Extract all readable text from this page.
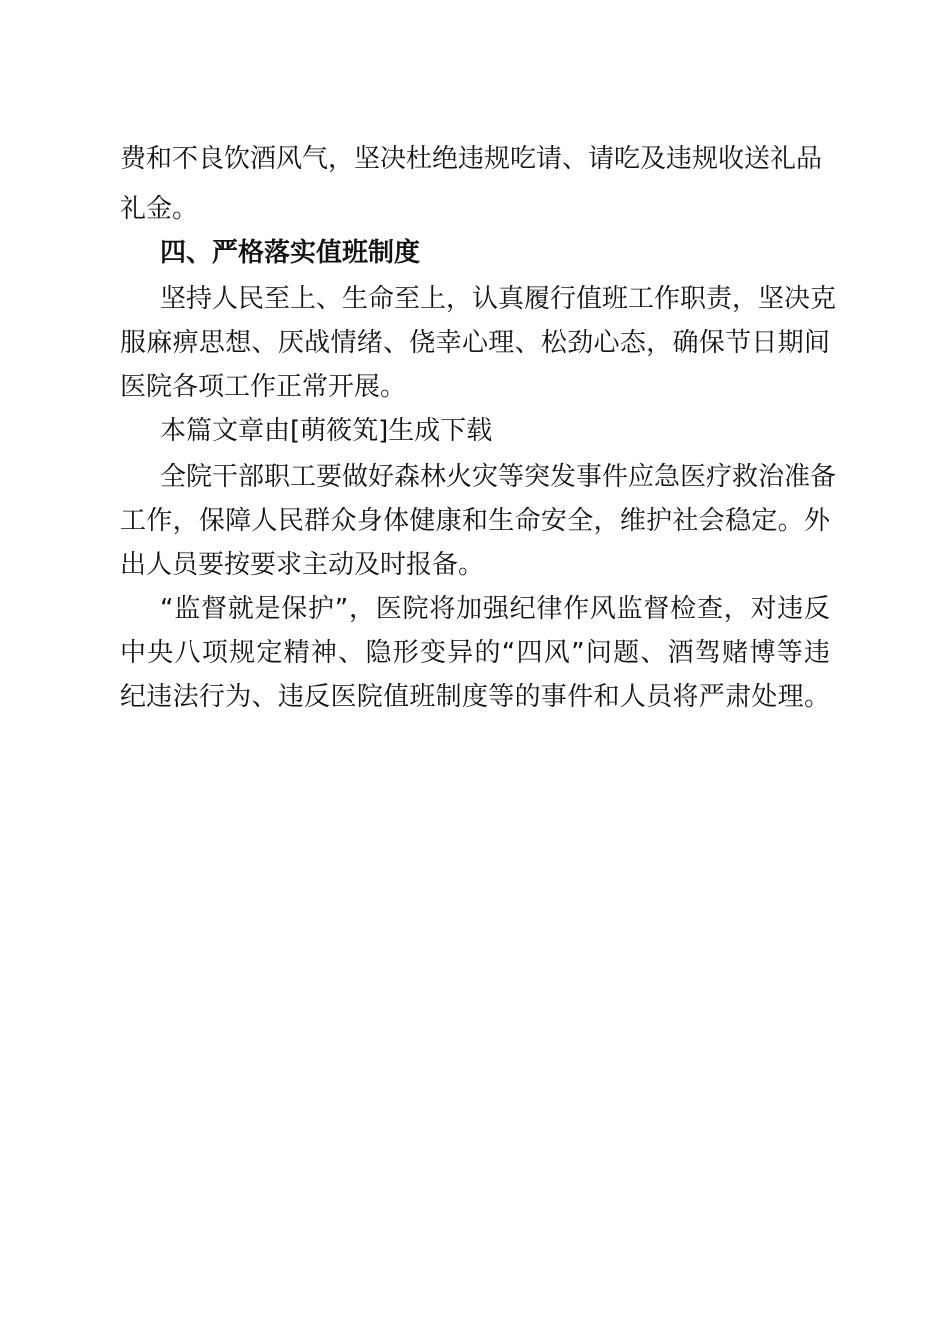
费和不良饮酒风气，坚决杜绝违规吃请、请吃及违规收送礼品
礼金。
四、严格落实值班制度
坚持人民至上、生命至上，认真履行值班工作职责，坚决克
服麻痹思想、厌战情绪、侥幸心理、松劲心态，确保节日期间
医院各项工作正常开展。
本篇文章由[萌筱笂]生成下载
全院干部职工要做好森林火灾等突发事件应急医疗救治准备
工作，保障人民群众身体健康和生命安全，维护社会稳定。外
出人员要按要求主动及时报备。
“监督就是保护”，医院将加强纪律作风监督检查，对违反
中央八项规定精神、隐形变异的“四风”问题、酒驾赌博等违
纪违法行为、违反医院值班制度等的事件和人员将严肃处理。
